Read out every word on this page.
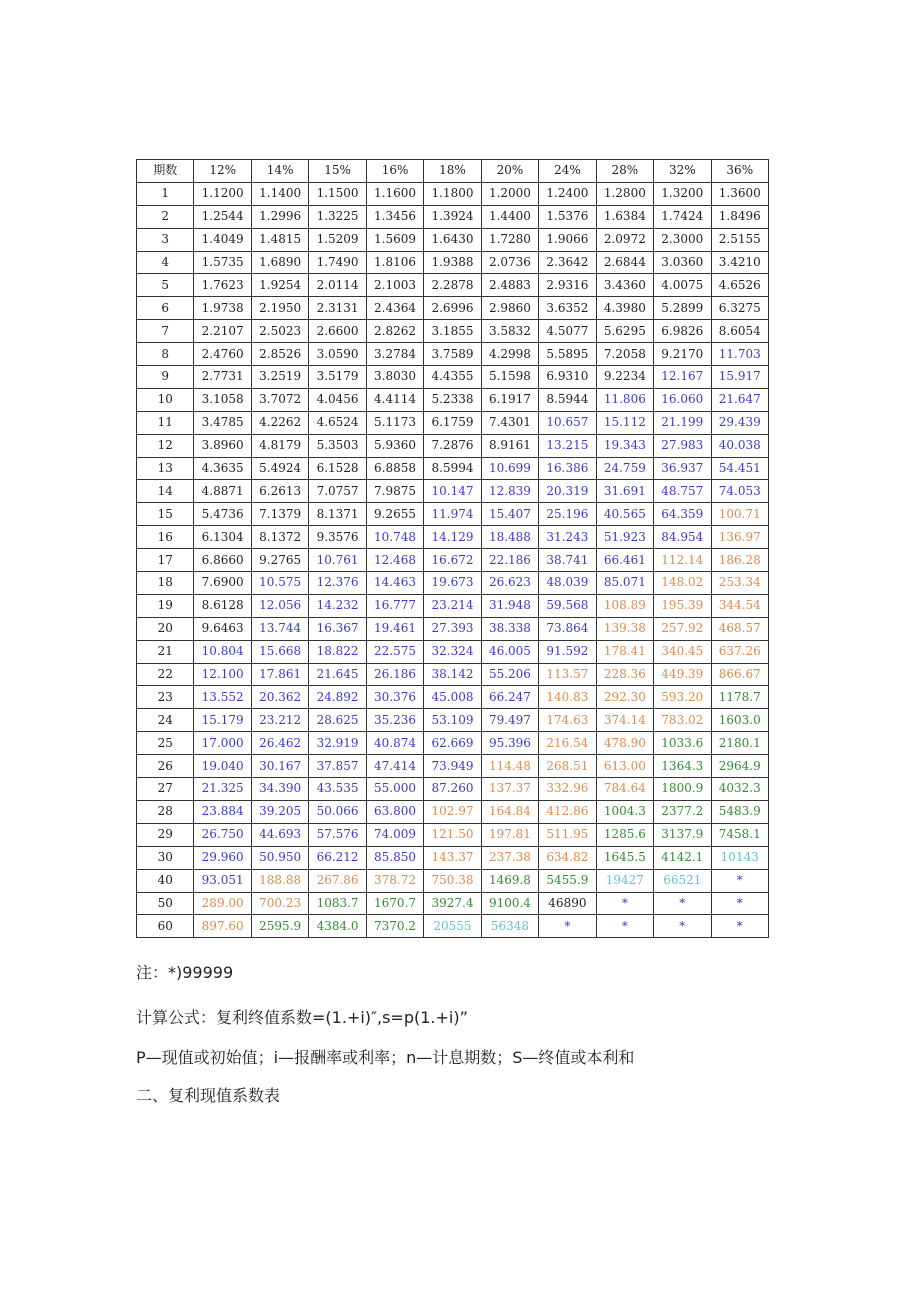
期数	12%	14%	15%	16%	18%	20%	24%	28%	32%	36%
1	1.1200	1.1400	1.1500	1.1600	1.1800	1.2000	1.2400	1.2800	1.3200	1.3600
2	1.2544	1.2996	1.3225	1.3456	1.3924	1.4400	1.5376	1.6384	1.7424	1.8496
3	1.4049	1.4815	1.5209	1.5609	1.6430	1.7280	1.9066	2.0972	2.3000	2.5155
4	1.5735	1.6890	1.7490	1.8106	1.9388	2.0736	2.3642	2.6844	3.0360	3.4210
5	1.7623	1.9254	2.0114	2.1003	2.2878	2.4883	2.9316	3.4360	4.0075	4.6526
6	1.9738	2.1950	2.3131	2.4364	2.6996	2.9860	3.6352	4.3980	5.2899	6.3275
7	2.2107	2.5023	2.6600	2.8262	3.1855	3.5832	4.5077	5.6295	6.9826	8.6054
8	2.4760	2.8526	3.0590	3.2784	3.7589	4.2998	5.5895	7.2058	9.2170	11.703
9	2.7731	3.2519	3.5179	3.8030	4.4355	5.1598	6.9310	9.2234	12.167	15.917
10	3.1058	3.7072	4.0456	4.4114	5.2338	6.1917	8.5944	11.806	16.060	21.647
11	3.4785	4.2262	4.6524	5.1173	6.1759	7.4301	10.657	15.112	21.199	29.439
12	3.8960	4.8179	5.3503	5.9360	7.2876	8.9161	13.215	19.343	27.983	40.038
13	4.3635	5.4924	6.1528	6.8858	8.5994	10.699	16.386	24.759	36.937	54.451
14	4.8871	6.2613	7.0757	7.9875	10.147	12.839	20.319	31.691	48.757	74.053
15	5.4736	7.1379	8.1371	9.2655	11.974	15.407	25.196	40.565	64.359	100.71
16	6.1304	8.1372	9.3576	10.748	14.129	18.488	31.243	51.923	84.954	136.97
17	6.8660	9.2765	10.761	12.468	16.672	22.186	38.741	66.461	112.14	186.28
18	7.6900	10.575	12.376	14.463	19.673	26.623	48.039	85.071	148.02	253.34
19	8.6128	12.056	14.232	16.777	23.214	31.948	59.568	108.89	195.39	344.54
20	9.6463	13.744	16.367	19.461	27.393	38.338	73.864	139.38	257.92	468.57
21	10.804	15.668	18.822	22.575	32.324	46.005	91.592	178.41	340.45	637.26
22	12.100	17.861	21.645	26.186	38.142	55.206	113.57	228.36	449.39	866.67
23	13.552	20.362	24.892	30.376	45.008	66.247	140.83	292.30	593.20	1178.7
24	15.179	23.212	28.625	35.236	53.109	79.497	174.63	374.14	783.02	1603.0
25	17.000	26.462	32.919	40.874	62.669	95.396	216.54	478.90	1033.6	2180.1
26	19.040	30.167	37.857	47.414	73.949	114.48	268.51	613.00	1364.3	2964.9
27	21.325	34.390	43.535	55.000	87.260	137.37	332.96	784.64	1800.9	4032.3
28	23.884	39.205	50.066	63.800	102.97	164.84	412.86	1004.3	2377.2	5483.9
29	26.750	44.693	57.576	74.009	121.50	197.81	511.95	1285.6	3137.9	7458.1
30	29.960	50.950	66.212	85.850	143.37	237.38	634.82	1645.5	4142.1	10143
40	93.051	188.88	267.86	378.72	750.38	1469.8	5455.9	19427	66521	*
50	289.00	700.23	1083.7	1670.7	3927.4	9100.4	46890	*	*	*
60	897.60	2595.9	4384.0	7370.2	20555	56348	*	*	*	*
注：*)99999
计算公式：复利终值系数=(1.+i)″,s=p(1.+i)”
P—现值或初始值；i—报酬率或利率；n—计息期数；S—终值或本利和
二、复利现值系数表
